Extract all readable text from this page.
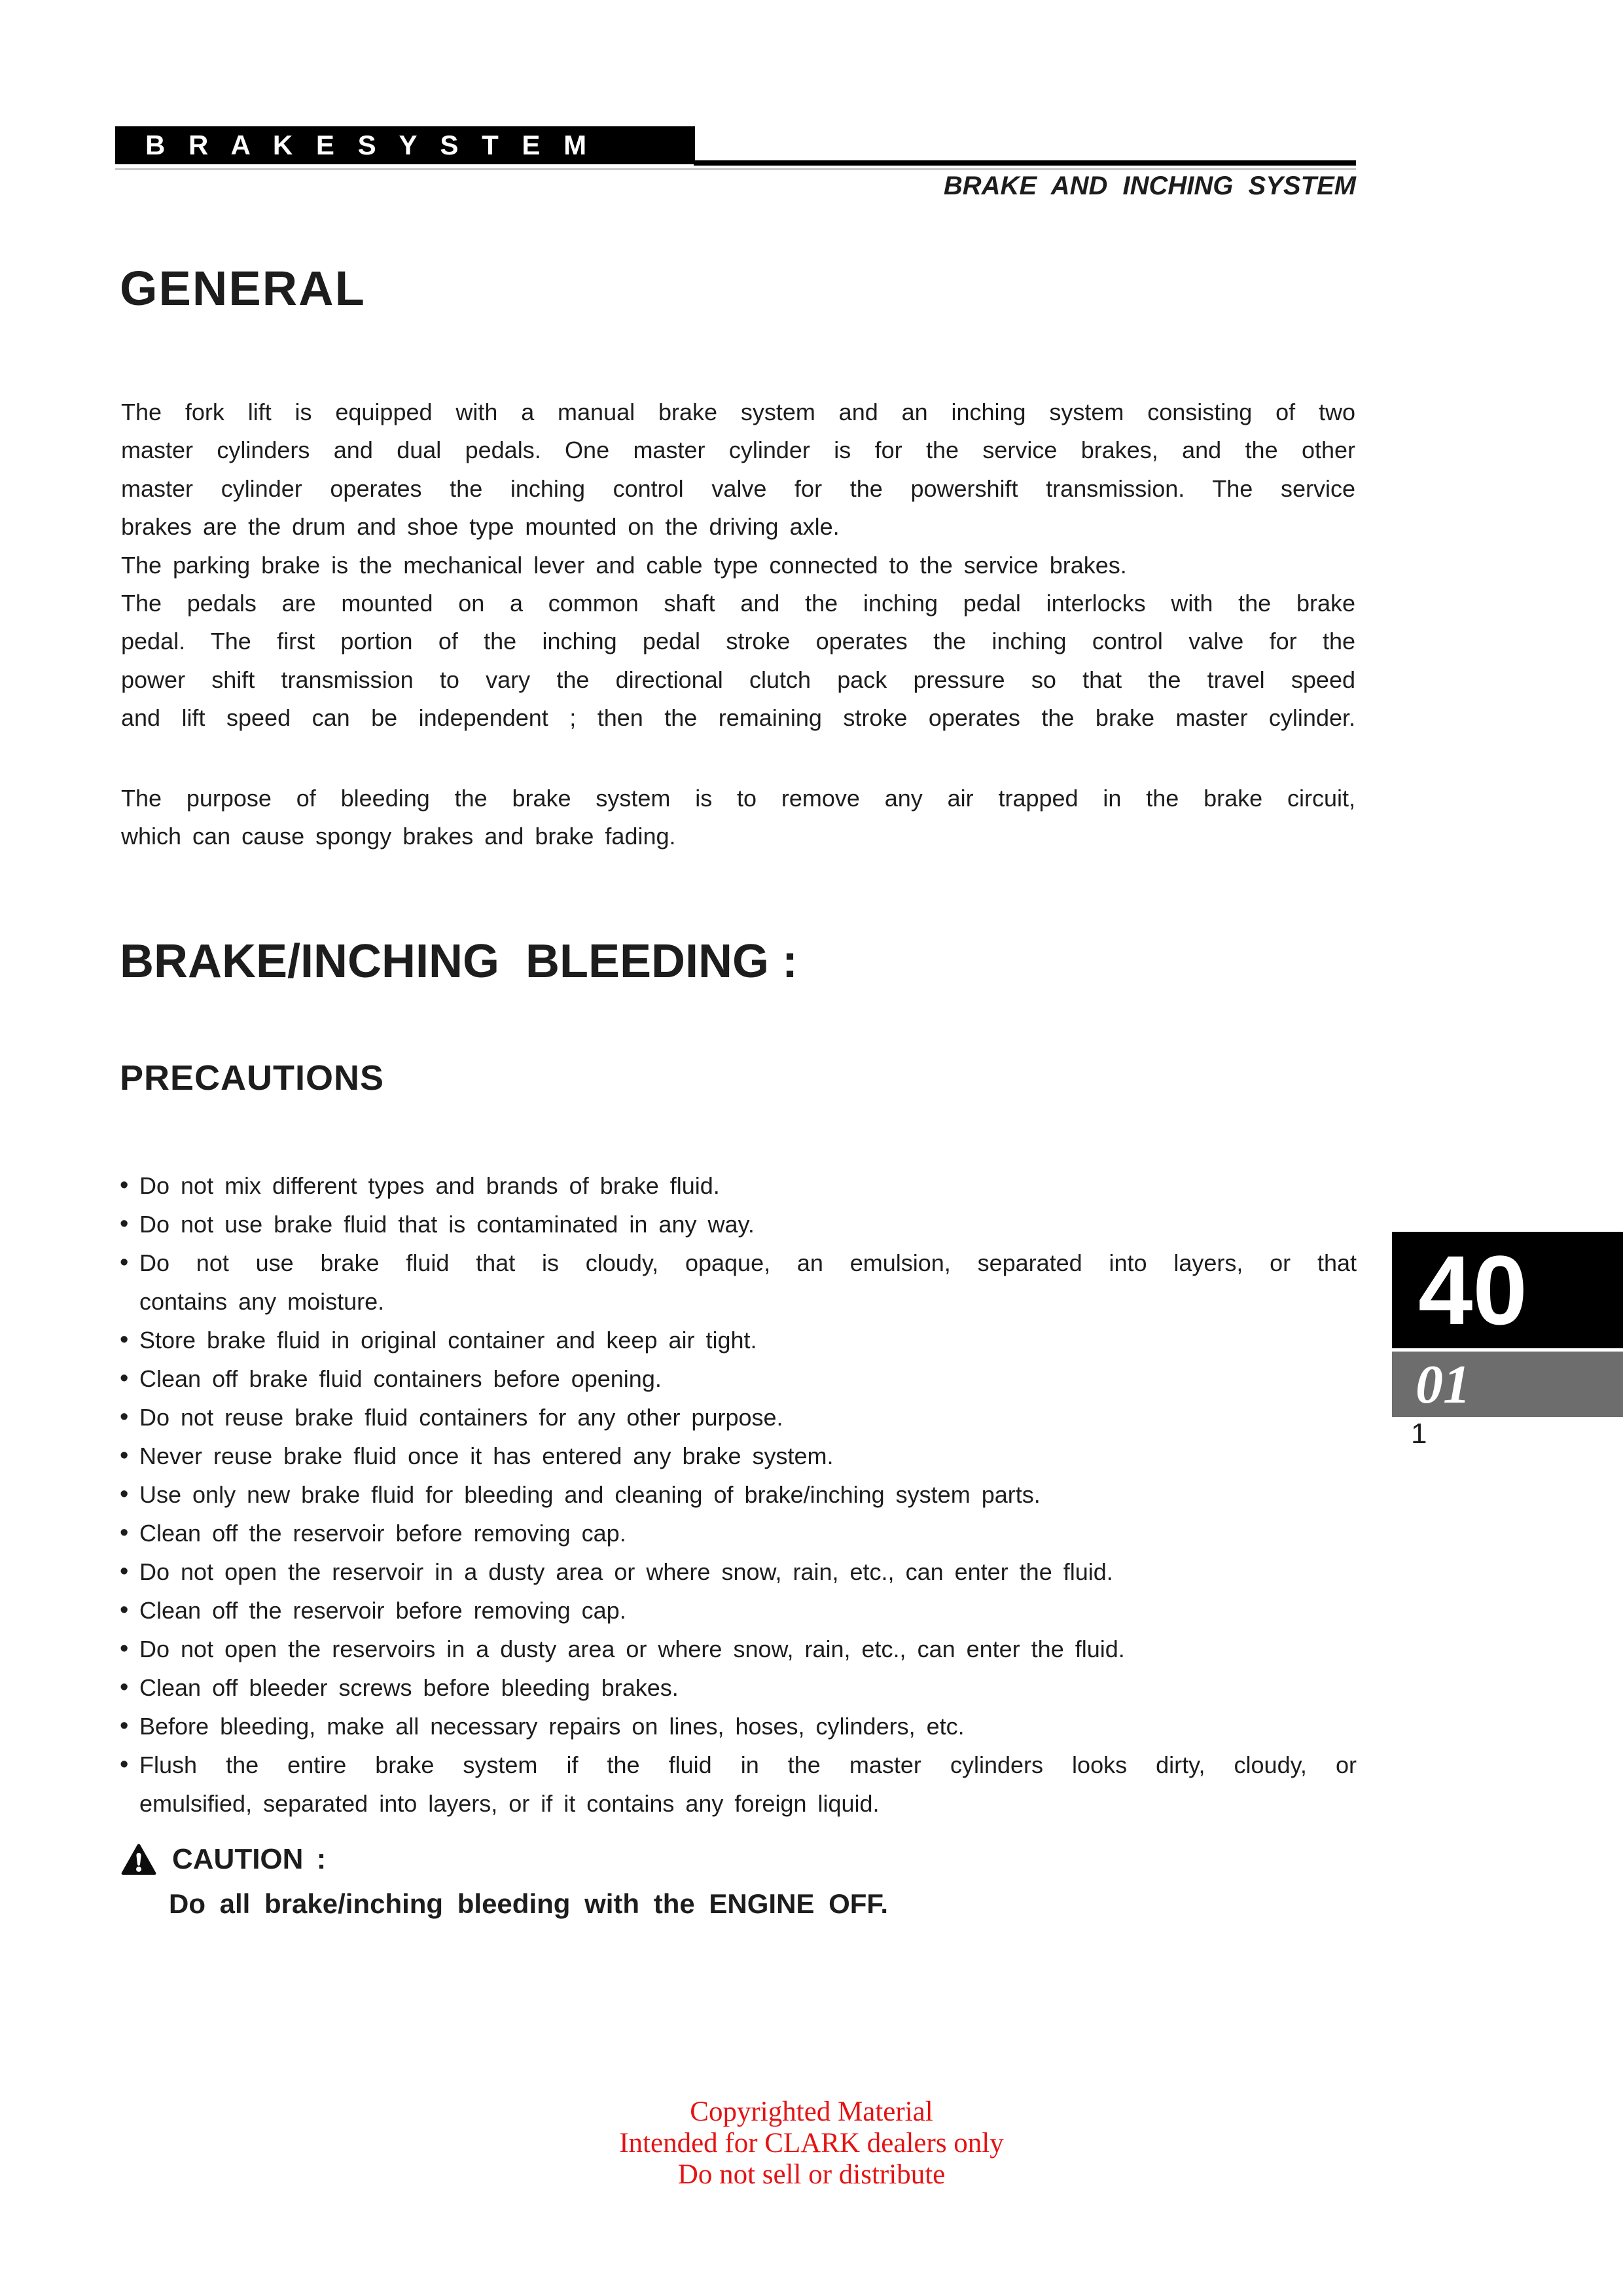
B R A K E S Y S T E M
BRAKE AND INCHING SYSTEM
GENERAL
The fork lift is equipped with a manual brake system and an inching system consisting of two
master cylinders and dual pedals. One master cylinder is for the service brakes, and the other
master cylinder operates the inching control valve for the powershift transmission. The service
brakes are the drum and shoe type mounted on the driving axle.
The parking brake is the mechanical lever and cable type connected to the service brakes.
The pedals are mounted on a common shaft and the inching pedal interlocks with the brake
pedal. The first portion of the inching pedal stroke operates the inching control valve for the
power shift transmission to vary the directional clutch pack pressure so that the travel speed
and lift speed can be independent ; then the remaining stroke operates the brake master cylinder.
The purpose of bleeding the brake system is to remove any air trapped in the brake circuit,
which can cause spongy brakes and brake fading.
BRAKE/INCHING  BLEEDING :
PRECAUTIONS
• Do not mix different types and brands of brake fluid.
• Do not use brake fluid that is contaminated in any way.
• Do not use brake fluid that is cloudy, opaque, an emulsion, separated into layers, or that
contains any moisture.
• Store brake fluid in original container and keep air tight.
• Clean off brake fluid containers before opening.
• Do not reuse brake fluid containers for any other purpose.
• Never reuse brake fluid once it has entered any brake system.
• Use only new brake fluid for bleeding and cleaning of brake/inching system parts.
• Clean off the reservoir before removing cap.
• Do not open the reservoir in a dusty area or where snow, rain, etc., can enter the fluid.
• Clean off the reservoir before removing cap.
• Do not open the reservoirs in a dusty area or where snow, rain, etc., can enter the fluid.
• Clean off bleeder screws before bleeding brakes.
• Before bleeding, make all necessary repairs on lines, hoses, cylinders, etc.
• Flush the entire brake system if the fluid in the master cylinders looks dirty, cloudy, or
emulsified, separated into layers, or if it contains any foreign liquid.
CAUTION :
Do all brake/inching bleeding with the ENGINE OFF.
40
01
1
Copyrighted Material
Intended for CLARK dealers only
Do not sell or distribute
